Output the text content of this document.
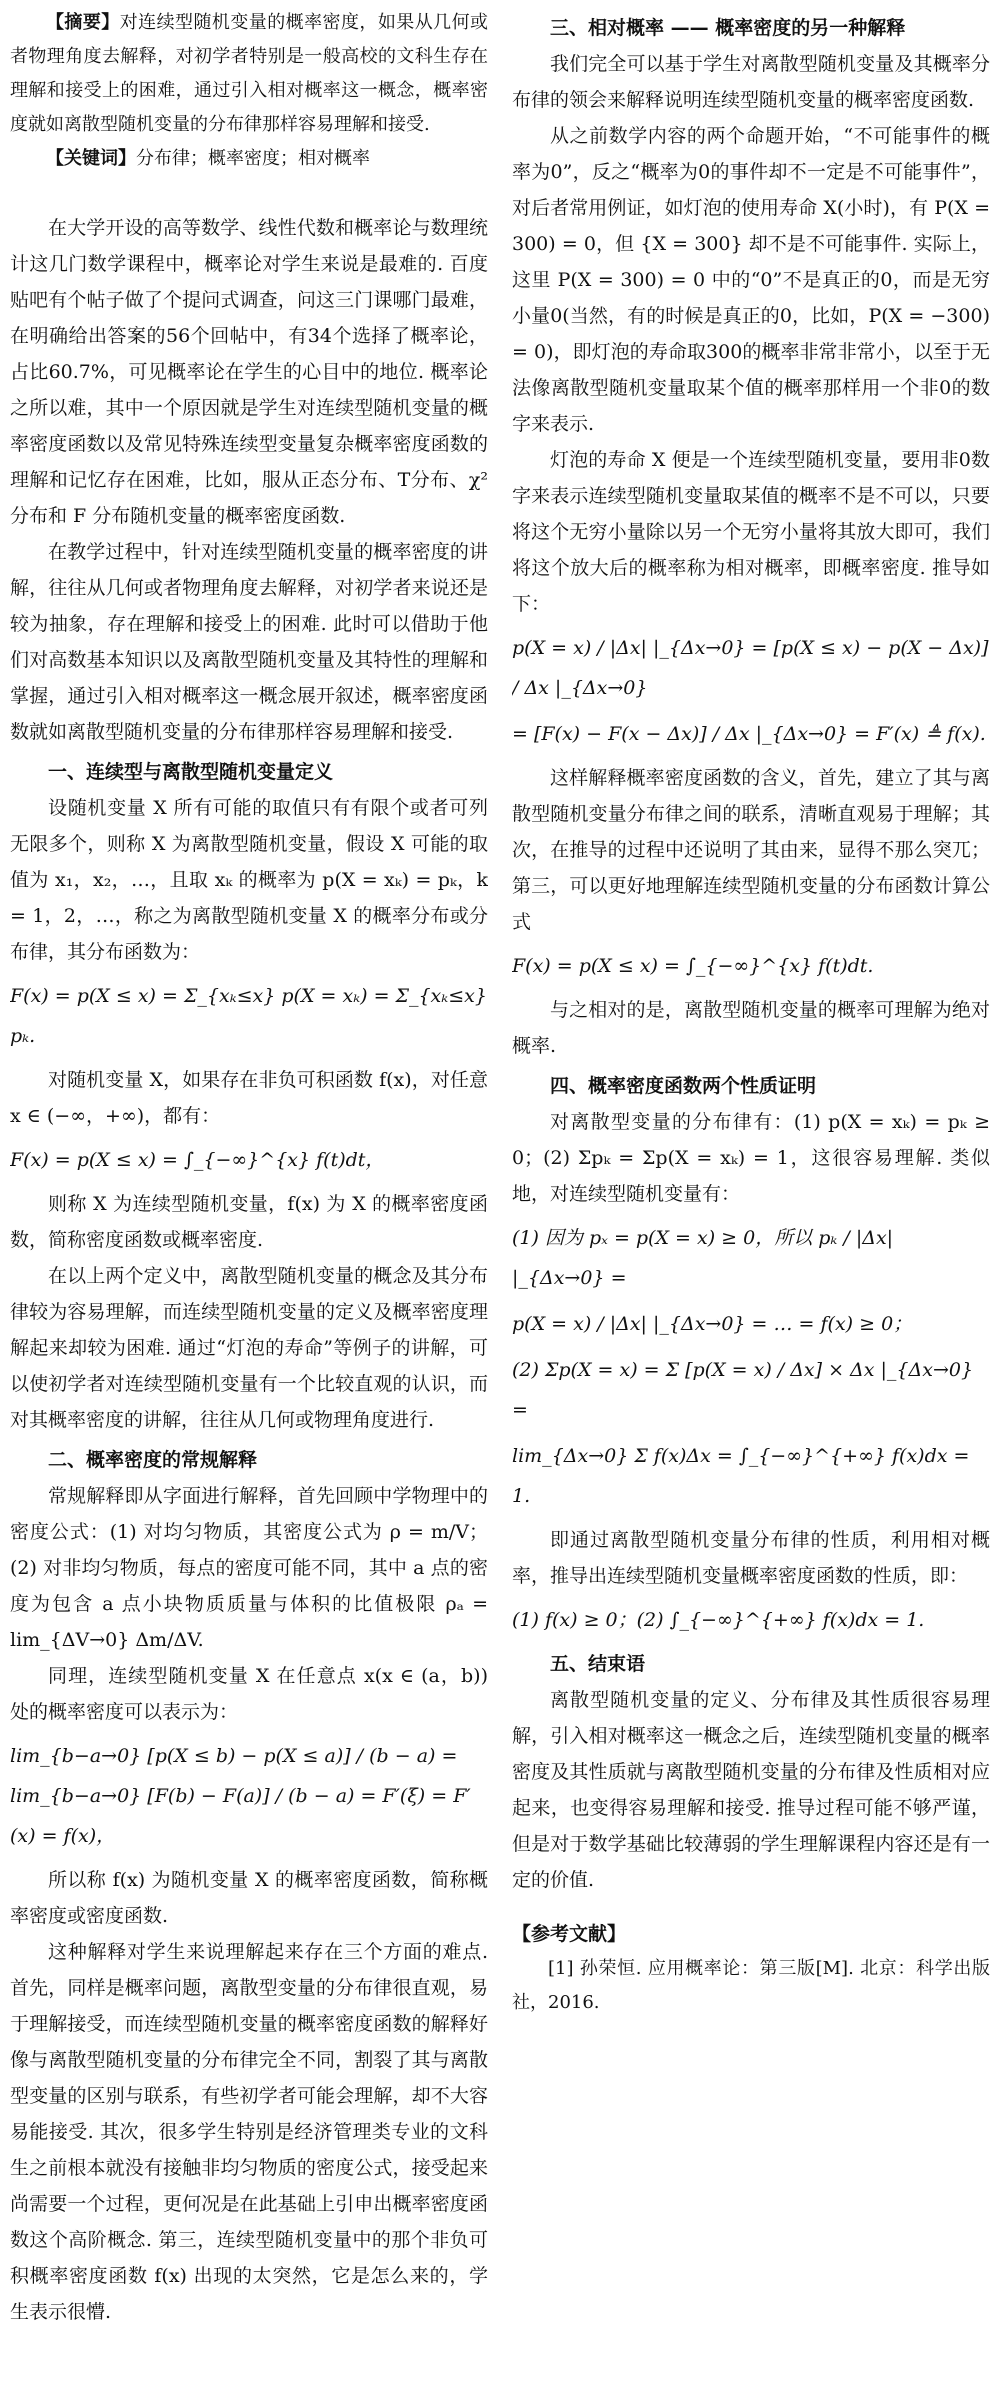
【摘要】对连续型随机变量的概率密度，如果从几何或者物理角度去解释，对初学者特别是一般高校的文科生存在理解和接受上的困难，通过引入相对概率这一概念，概率密度就如离散型随机变量的分布律那样容易理解和接受.

【关键词】分布律；概率密度；相对概率

在大学开设的高等数学、线性代数和概率论与数理统计这几门数学课程中，概率论对学生来说是最难的. 百度贴吧有个帖子做了个提问式调查，问这三门课哪门最难，在明确给出答案的56个回帖中，有34个选择了概率论，占比60.7%，可见概率论在学生的心目中的地位. 概率论之所以难，其中一个原因就是学生对连续型随机变量的概率密度函数以及常见特殊连续型变量复杂概率密度函数的理解和记忆存在困难，比如，服从正态分布、T分布、χ² 分布和 F 分布随机变量的概率密度函数.

在教学过程中，针对连续型随机变量的概率密度的讲解，往往从几何或者物理角度去解释，对初学者来说还是较为抽象，存在理解和接受上的困难. 此时可以借助于他们对高数基本知识以及离散型随机变量及其特性的理解和掌握，通过引入相对概率这一概念展开叙述，概率密度函数就如离散型随机变量的分布律那样容易理解和接受.

一、连续型与离散型随机变量定义

设随机变量 X 所有可能的取值只有有限个或者可列无限多个，则称 X 为离散型随机变量，假设 X 可能的取值为 x₁，x₂，…，且取 xₖ 的概率为 p(X = xₖ) = pₖ，k = 1，2，…，称之为离散型随机变量 X 的概率分布或分布律，其分布函数为：

F(x) = p(X ≤ x) = Σ_{xₖ≤x} p(X = xₖ) = Σ_{xₖ≤x} pₖ.

对随机变量 X，如果存在非负可积函数 f(x)，对任意 x ∈ (−∞，+∞)，都有：

F(x) = p(X ≤ x) = ∫_{−∞}^{x} f(t)dt，

则称 X 为连续型随机变量，f(x) 为 X 的概率密度函数，简称密度函数或概率密度.

在以上两个定义中，离散型随机变量的概念及其分布律较为容易理解，而连续型随机变量的定义及概率密度理解起来却较为困难. 通过“灯泡的寿命”等例子的讲解，可以使初学者对连续型随机变量有一个比较直观的认识，而对其概率密度的讲解，往往从几何或物理角度进行.

二、概率密度的常规解释

常规解释即从字面进行解释，首先回顾中学物理中的密度公式：(1) 对均匀物质，其密度公式为 ρ = m/V；(2) 对非均匀物质，每点的密度可能不同，其中 a 点的密度为包含 a 点小块物质质量与体积的比值极限 ρₐ = lim_{ΔV→0} Δm/ΔV.

同理，连续型随机变量 X 在任意点 x(x ∈ (a，b)) 处的概率密度可以表示为：

lim_{b−a→0} [p(X ≤ b) − p(X ≤ a)] / (b − a) = lim_{b−a→0} [F(b) − F(a)] / (b − a) = F′(ξ) = F′(x) = f(x)，

所以称 f(x) 为随机变量 X 的概率密度函数，简称概率密度或密度函数.

这种解释对学生来说理解起来存在三个方面的难点. 首先，同样是概率问题，离散型变量的分布律很直观，易于理解接受，而连续型随机变量的概率密度函数的解释好像与离散型随机变量的分布律完全不同，割裂了其与离散型变量的区别与联系，有些初学者可能会理解，却不大容易能接受. 其次，很多学生特别是经济管理类专业的文科生之前根本就没有接触非均匀物质的密度公式，接受起来尚需要一个过程，更何况是在此基础上引申出概率密度函数这个高阶概念. 第三，连续型随机变量中的那个非负可积概率密度函数 f(x) 出现的太突然，它是怎么来的，学生表示很懵.

三、相对概率 —— 概率密度的另一种解释

我们完全可以基于学生对离散型随机变量及其概率分布律的领会来解释说明连续型随机变量的概率密度函数.

从之前数学内容的两个命题开始，“不可能事件的概率为0”，反之“概率为0的事件却不一定是不可能事件”，对后者常用例证，如灯泡的使用寿命 X(小时)，有 P(X = 300) = 0，但 {X = 300} 却不是不可能事件. 实际上，这里 P(X = 300) = 0 中的“0”不是真正的0，而是无穷小量0(当然，有的时候是真正的0，比如，P(X = −300) = 0)，即灯泡的寿命取300的概率非常非常小，以至于无法像离散型随机变量取某个值的概率那样用一个非0的数字来表示.

灯泡的寿命 X 便是一个连续型随机变量，要用非0数字来表示连续型随机变量取某值的概率不是不可以，只要将这个无穷小量除以另一个无穷小量将其放大即可，我们将这个放大后的概率称为相对概率，即概率密度. 推导如下：

p(X = x) / |Δx| |_{Δx→0} = [p(X ≤ x) − p(X − Δx)] / Δx |_{Δx→0}

= [F(x) − F(x − Δx)] / Δx |_{Δx→0} = F′(x) ≜ f(x).

这样解释概率密度函数的含义，首先，建立了其与离散型随机变量分布律之间的联系，清晰直观易于理解；其次，在推导的过程中还说明了其由来，显得不那么突兀；第三，可以更好地理解连续型随机变量的分布函数计算公式

F(x) = p(X ≤ x) = ∫_{−∞}^{x} f(t)dt.

与之相对的是，离散型随机变量的概率可理解为绝对概率.

四、概率密度函数两个性质证明

对离散型变量的分布律有：(1) p(X = xₖ) = pₖ ≥ 0；(2) Σpₖ = Σp(X = xₖ) = 1，这很容易理解. 类似地，对连续型随机变量有：

(1) 因为 pₓ = p(X = x) ≥ 0，所以 pₖ / |Δx| |_{Δx→0} =

p(X = x) / |Δx| |_{Δx→0} = … = f(x) ≥ 0；

(2) Σp(X = x) = Σ [p(X = x) / Δx] × Δx |_{Δx→0} =

lim_{Δx→0} Σ f(x)Δx = ∫_{−∞}^{+∞} f(x)dx = 1.

即通过离散型随机变量分布律的性质，利用相对概率，推导出连续型随机变量概率密度函数的性质，即：

(1) f(x) ≥ 0；(2) ∫_{−∞}^{+∞} f(x)dx = 1.

五、结束语

离散型随机变量的定义、分布律及其性质很容易理解，引入相对概率这一概念之后，连续型随机变量的概率密度及其性质就与离散型随机变量的分布律及性质相对应起来，也变得容易理解和接受. 推导过程可能不够严谨，但是对于数学基础比较薄弱的学生理解课程内容还是有一定的价值.

【参考文献】

[1] 孙荣恒. 应用概率论：第三版[M]. 北京：科学出版社，2016.
